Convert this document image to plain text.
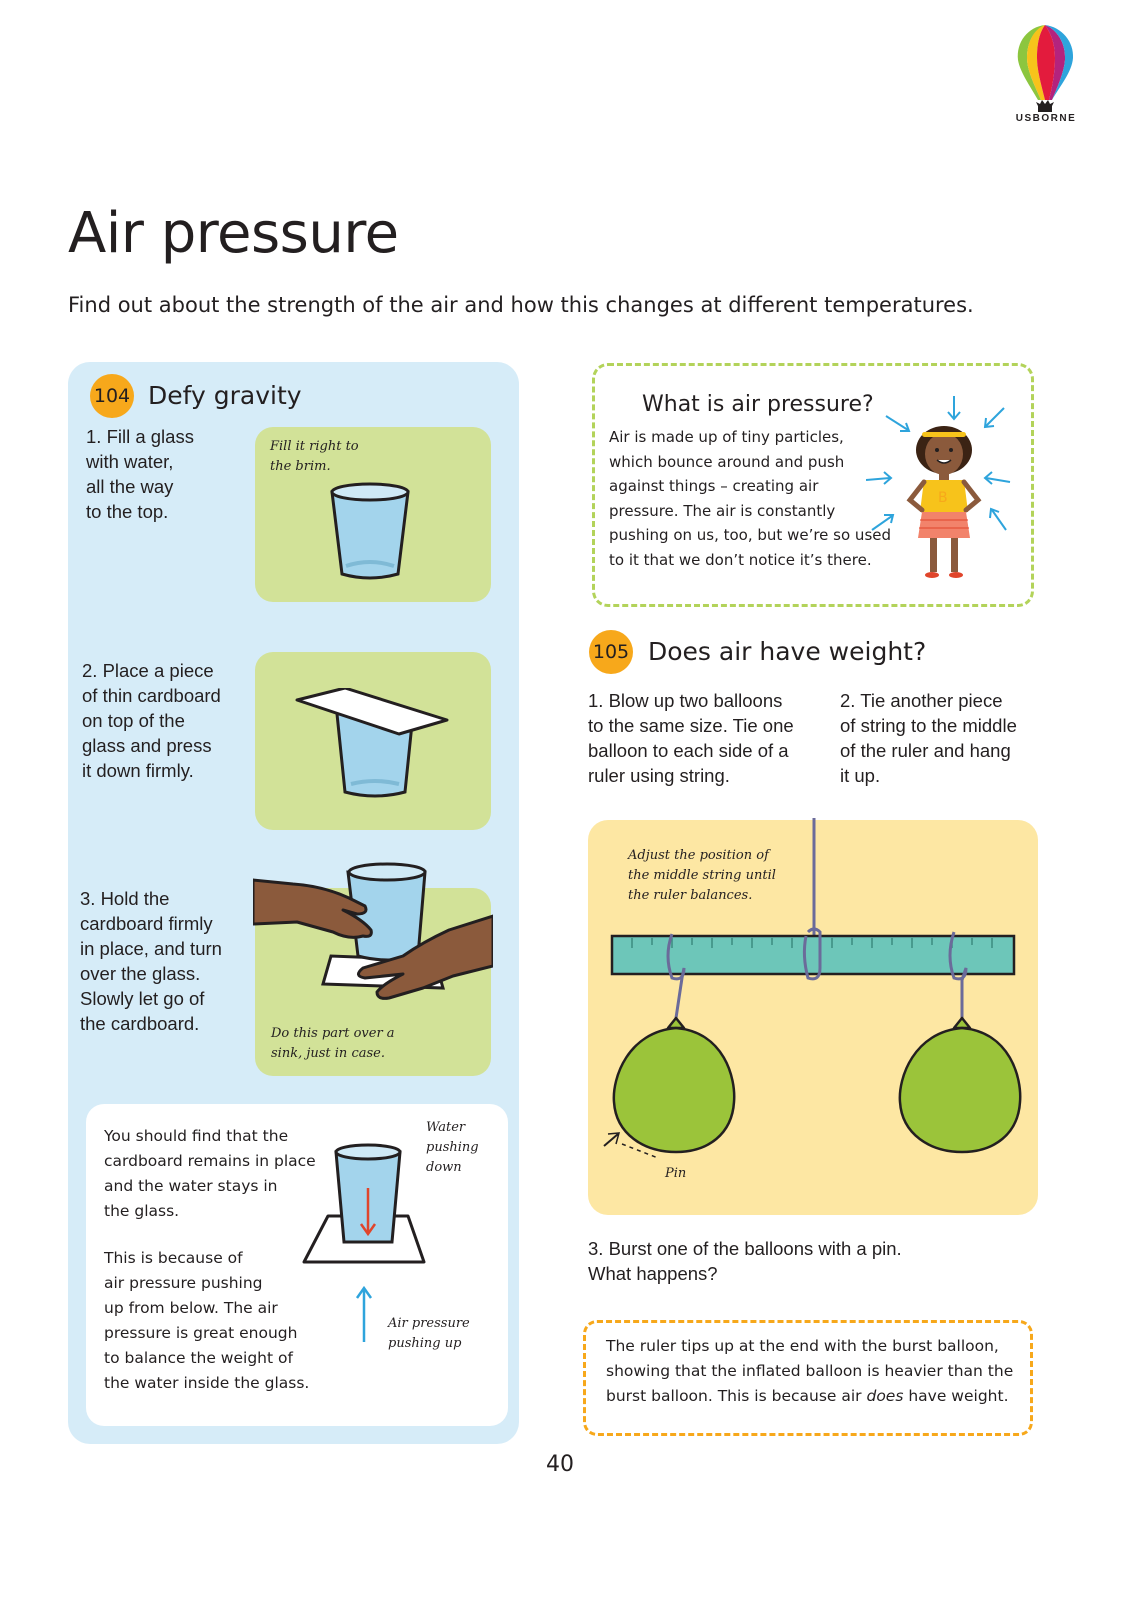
USBORNE
Air pressure

Find out about the strength of the air and how this changes at different temperatures.

104 Defy gravity
1. Fill a glass
with water,
all the way
to the top.
Fill it right to
the brim.
2. Place a piece
of thin cardboard
on top of the
glass and press
it down firmly.
3. Hold the
cardboard firmly
in place, and turn
over the glass.
Slowly let go of
the cardboard.	Do this part over a
sink, just in case.
You should find that the
cardboard remains in place
and the water stays in
the glass.
This is because of
air pressure pushing
up from below. The air
pressure is great enough
to balance the weight of
the water inside the glass.
Water
pushing
down
Air pressure
pushing up
What is air pressure?
Air is made up of tiny particles,
which bounce around and push
against things – creating air
pressure. The air is constantly
pushing on us, too, but we’re so used
to it that we don’t notice it’s there.
B
105 Does air have weight?
1. Blow up two balloons
to the same size. Tie one
balloon to each side of a
ruler using string.
2. Tie another piece
of string to the middle
of the ruler and hang
it up.
Adjust the position of
the middle string until
the ruler balances.
Pin
3. Burst one of the balloons with a pin.
What happens?
The ruler tips up at the end with the burst balloon,
showing that the inflated balloon is heavier than the
burst balloon. This is because air does have weight.
40
